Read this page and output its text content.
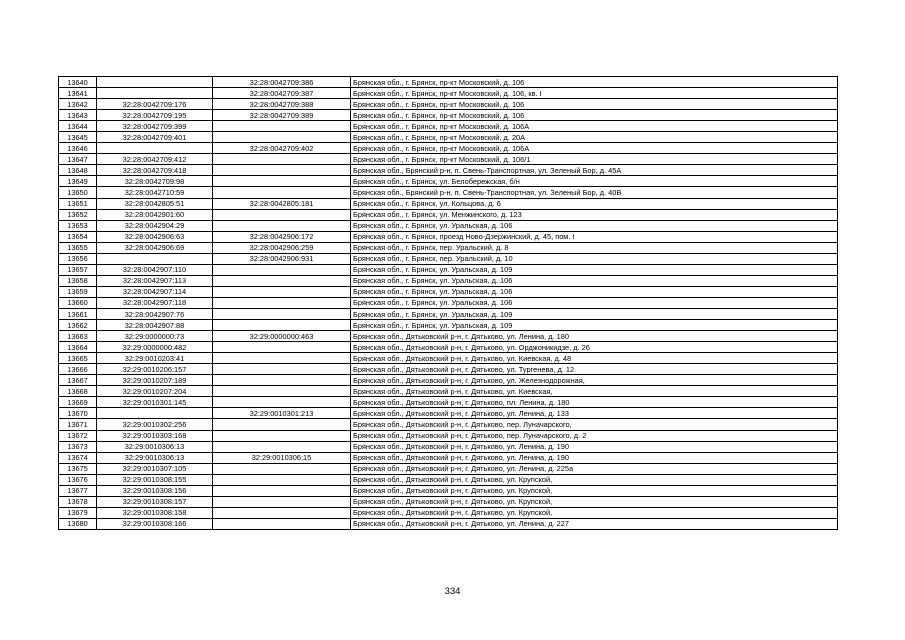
13640		32:28:0042709:386	Брянская обл., г. Брянск, пр-кт Московский, д. 106
13641		32:28:0042709:387	Брянская обл., г. Брянск, пр-кт Московский, д. 106, кв. I
13642	32:28:0042709:176	32:28:0042709:388	Брянская обл., г. Брянск, пр-кт Московский, д. 106
13643	32:28:0042709:195	32:28:0042709:389	Брянская обл., г. Брянск, пр-кт Московский, д. 106
13644	32:28:0042709:399		Брянская обл., г. Брянск, пр-кт Московский, д. 106А
13645	32:28:0042709:401		Брянская обл., г. Брянск, пр-кт Московский, д. 20А
13646		32:28:0042709:402	Брянская обл., г. Брянск, пр-кт Московский, д. 106А
13647	32:28:0042709:412		Брянская обл., г. Брянск, пр-кт Московский, д. 106/1
13648	32:28:0042709:418		Брянская обл., Брянский р-н, п. Свень-Транспортная, ул. Зеленый Бор, д. 45А
13649	32:28:0042709:98		Брянская обл., г. Брянск, ул. Белобережская, б/н
13650	32:28:0042710:59		Брянская обл., Брянский р-н, п. Свень-Транспортная, ул. Зеленый Бор, д. 40В
13651	32:28:0042805:51	32:28:0042805:181	Брянская обл., г. Брянск, ул. Кольцова, д. 6
13652	32:28:0042901:60		Брянская обл., г. Брянск, ул. Менжинского, д. 123
13653	32:28:0042904:29		Брянская обл., г. Брянск, ул. Уральская, д. 106
13654	32:28:0042906:63	32:28:0042906:172	Брянская обл., г. Брянск, проезд Ново-Дзержинский, д. 45, пом. I
13655	32:28:0042906:69	32:28:0042906:259	Брянская обл., г. Брянск, пер. Уральский, д. 8
13656		32:28:0042906:931	Брянская обл., г. Брянск, пер. Уральский, д. 10
13657	32:28:0042907:110		Брянская обл., г. Брянск, ул. Уральская, д. 109
13658	32:28:0042907:113		Брянская обл., г. Брянск, ул. Уральская, д. 106
13659	32:28:0042907:114		Брянская обл., г. Брянск, ул. Уральская, д. 106
13660	32:28:0042907:118		Брянская обл., г. Брянск, ул. Уральская, д. 106
13661	32:28:0042907:76		Брянская обл., г. Брянск, ул. Уральская, д. 109
13662	32:28:0042907:88		Брянская обл., г. Брянск, ул. Уральская, д. 109
13663	32:29:0000000:73	32:29:0000000:463	Брянская обл., Дятьковский р-н, г. Дятьково, ул. Ленина, д. 180
13664	32:29:0000000:482		Брянская обл., Дятьковский р-н, г. Дятьково, ул. Орджоникидзе, д. 26
13665	32:29:0010203:41		Брянская обл., Дятьковский р-н, г. Дятьково, ул. Киевская, д. 48
13666	32:29:0010206:157		Брянская обл., Дятьковский р-н, г. Дятьково, ул. Тургенева, д. 12
13667	32:29:0010207:189		Брянская обл., Дятьковский р-н, г. Дятьково, ул. Железнодорожная,
13668	32:29:0010207:204		Брянская обл., Дятьковский р-н, г. Дятьково, ул. Киевская,
13669	32:29:0010301:145		Брянская обл., Дятьковский р-н, г. Дятьково, пл. Ленина, д. 180
13670		32:29:0010301:213	Брянская обл., Дятьковский р-н, г. Дятьково, ул. Ленина, д. 133
13671	32:29:0010302:256		Брянская обл., Дятьковский р-н, г. Дятьково, пер. Луначарского,
13672	32:29:0010303:168		Брянская обл., Дятьковский р-н, г. Дятьково, пер. Луначарского, д. 2
13673	32:29:0010306:13		Брянская обл., Дятьковский р-н, г. Дятьково, ул. Ленина, д. 190
13674	32:29:0010306:13	32:29:0010306:15	Брянская обл., Дятьковский р-н, г. Дятьково, ул. Ленина, д. 190
13675	32:29:0010307:105		Брянская обл., Дятьковский р-н, г. Дятьково, ул. Ленина, д. 225а
13676	32:29:0010308:155		Брянская обл., Дятьковский р-н, г. Дятьково, ул. Крупской,
13677	32:29:0010308:156		Брянская обл., Дятьковский р-н, г. Дятьково, ул. Крупской,
13678	32:29:0010308:157		Брянская обл., Дятьковский р-н, г. Дятьково, ул. Крупской,
13679	32:29:0010308:158		Брянская обл., Дятьковский р-н, г. Дятьково, ул. Крупской,
13680	32:29:0010308:166		Брянская обл., Дятьковский р-н, г. Дятьково, ул. Ленина, д. 227
334
